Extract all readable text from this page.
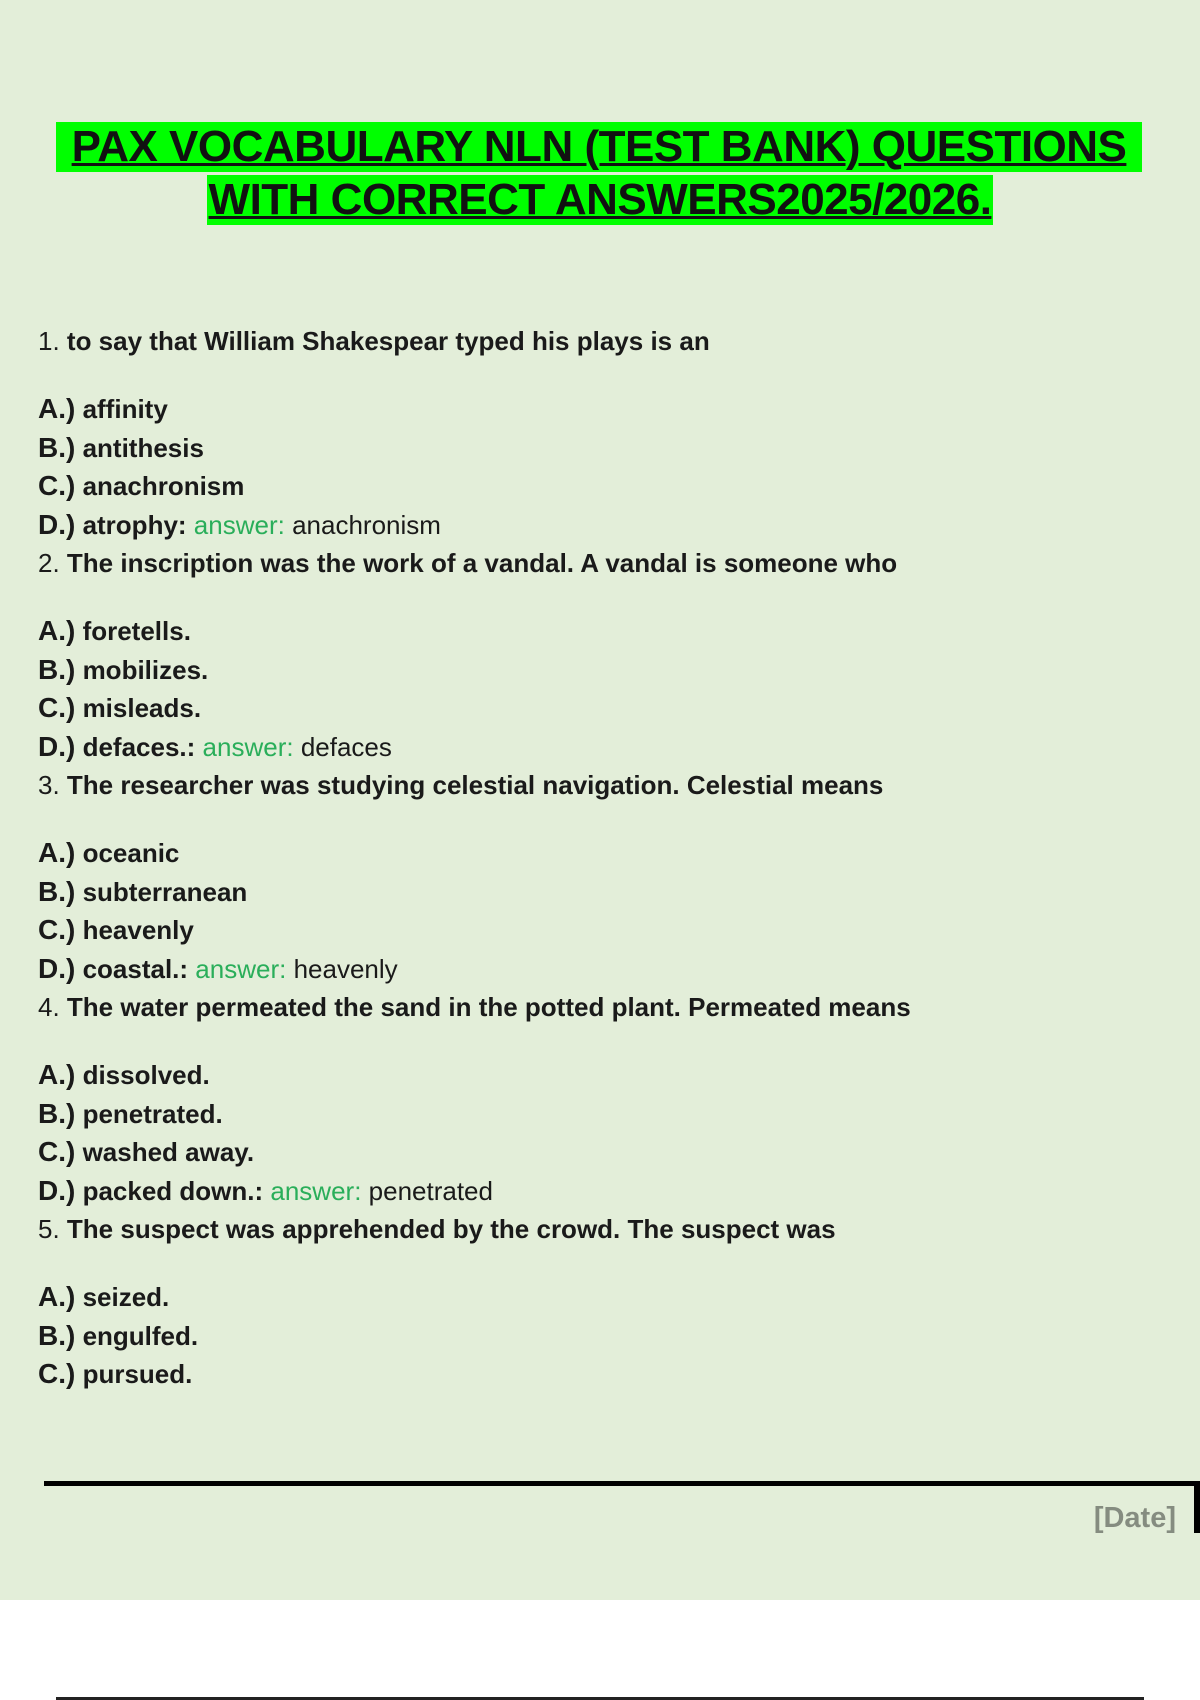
PAX VOCABULARY NLN (TEST BANK) QUESTIONS
WITH CORRECT ANSWERS2025/2026.
1. to say that William Shakespear typed his plays is an
A.) affinity
B.) antithesis
C.) anachronism
D.) atrophy: answer: anachronism
2. The inscription was the work of a vandal. A vandal is someone who
A.) foretells.
B.) mobilizes.
C.) misleads.
D.) defaces.: answer: defaces
3. The researcher was studying celestial navigation. Celestial means
A.) oceanic
B.) subterranean
C.) heavenly
D.) coastal.: answer: heavenly
4. The water permeated the sand in the potted plant. Permeated means
A.) dissolved.
B.) penetrated.
C.) washed away.
D.) packed down.: answer: penetrated
5. The suspect was apprehended by the crowd. The suspect was
A.) seized.
B.) engulfed.
C.) pursued.
[Date]
